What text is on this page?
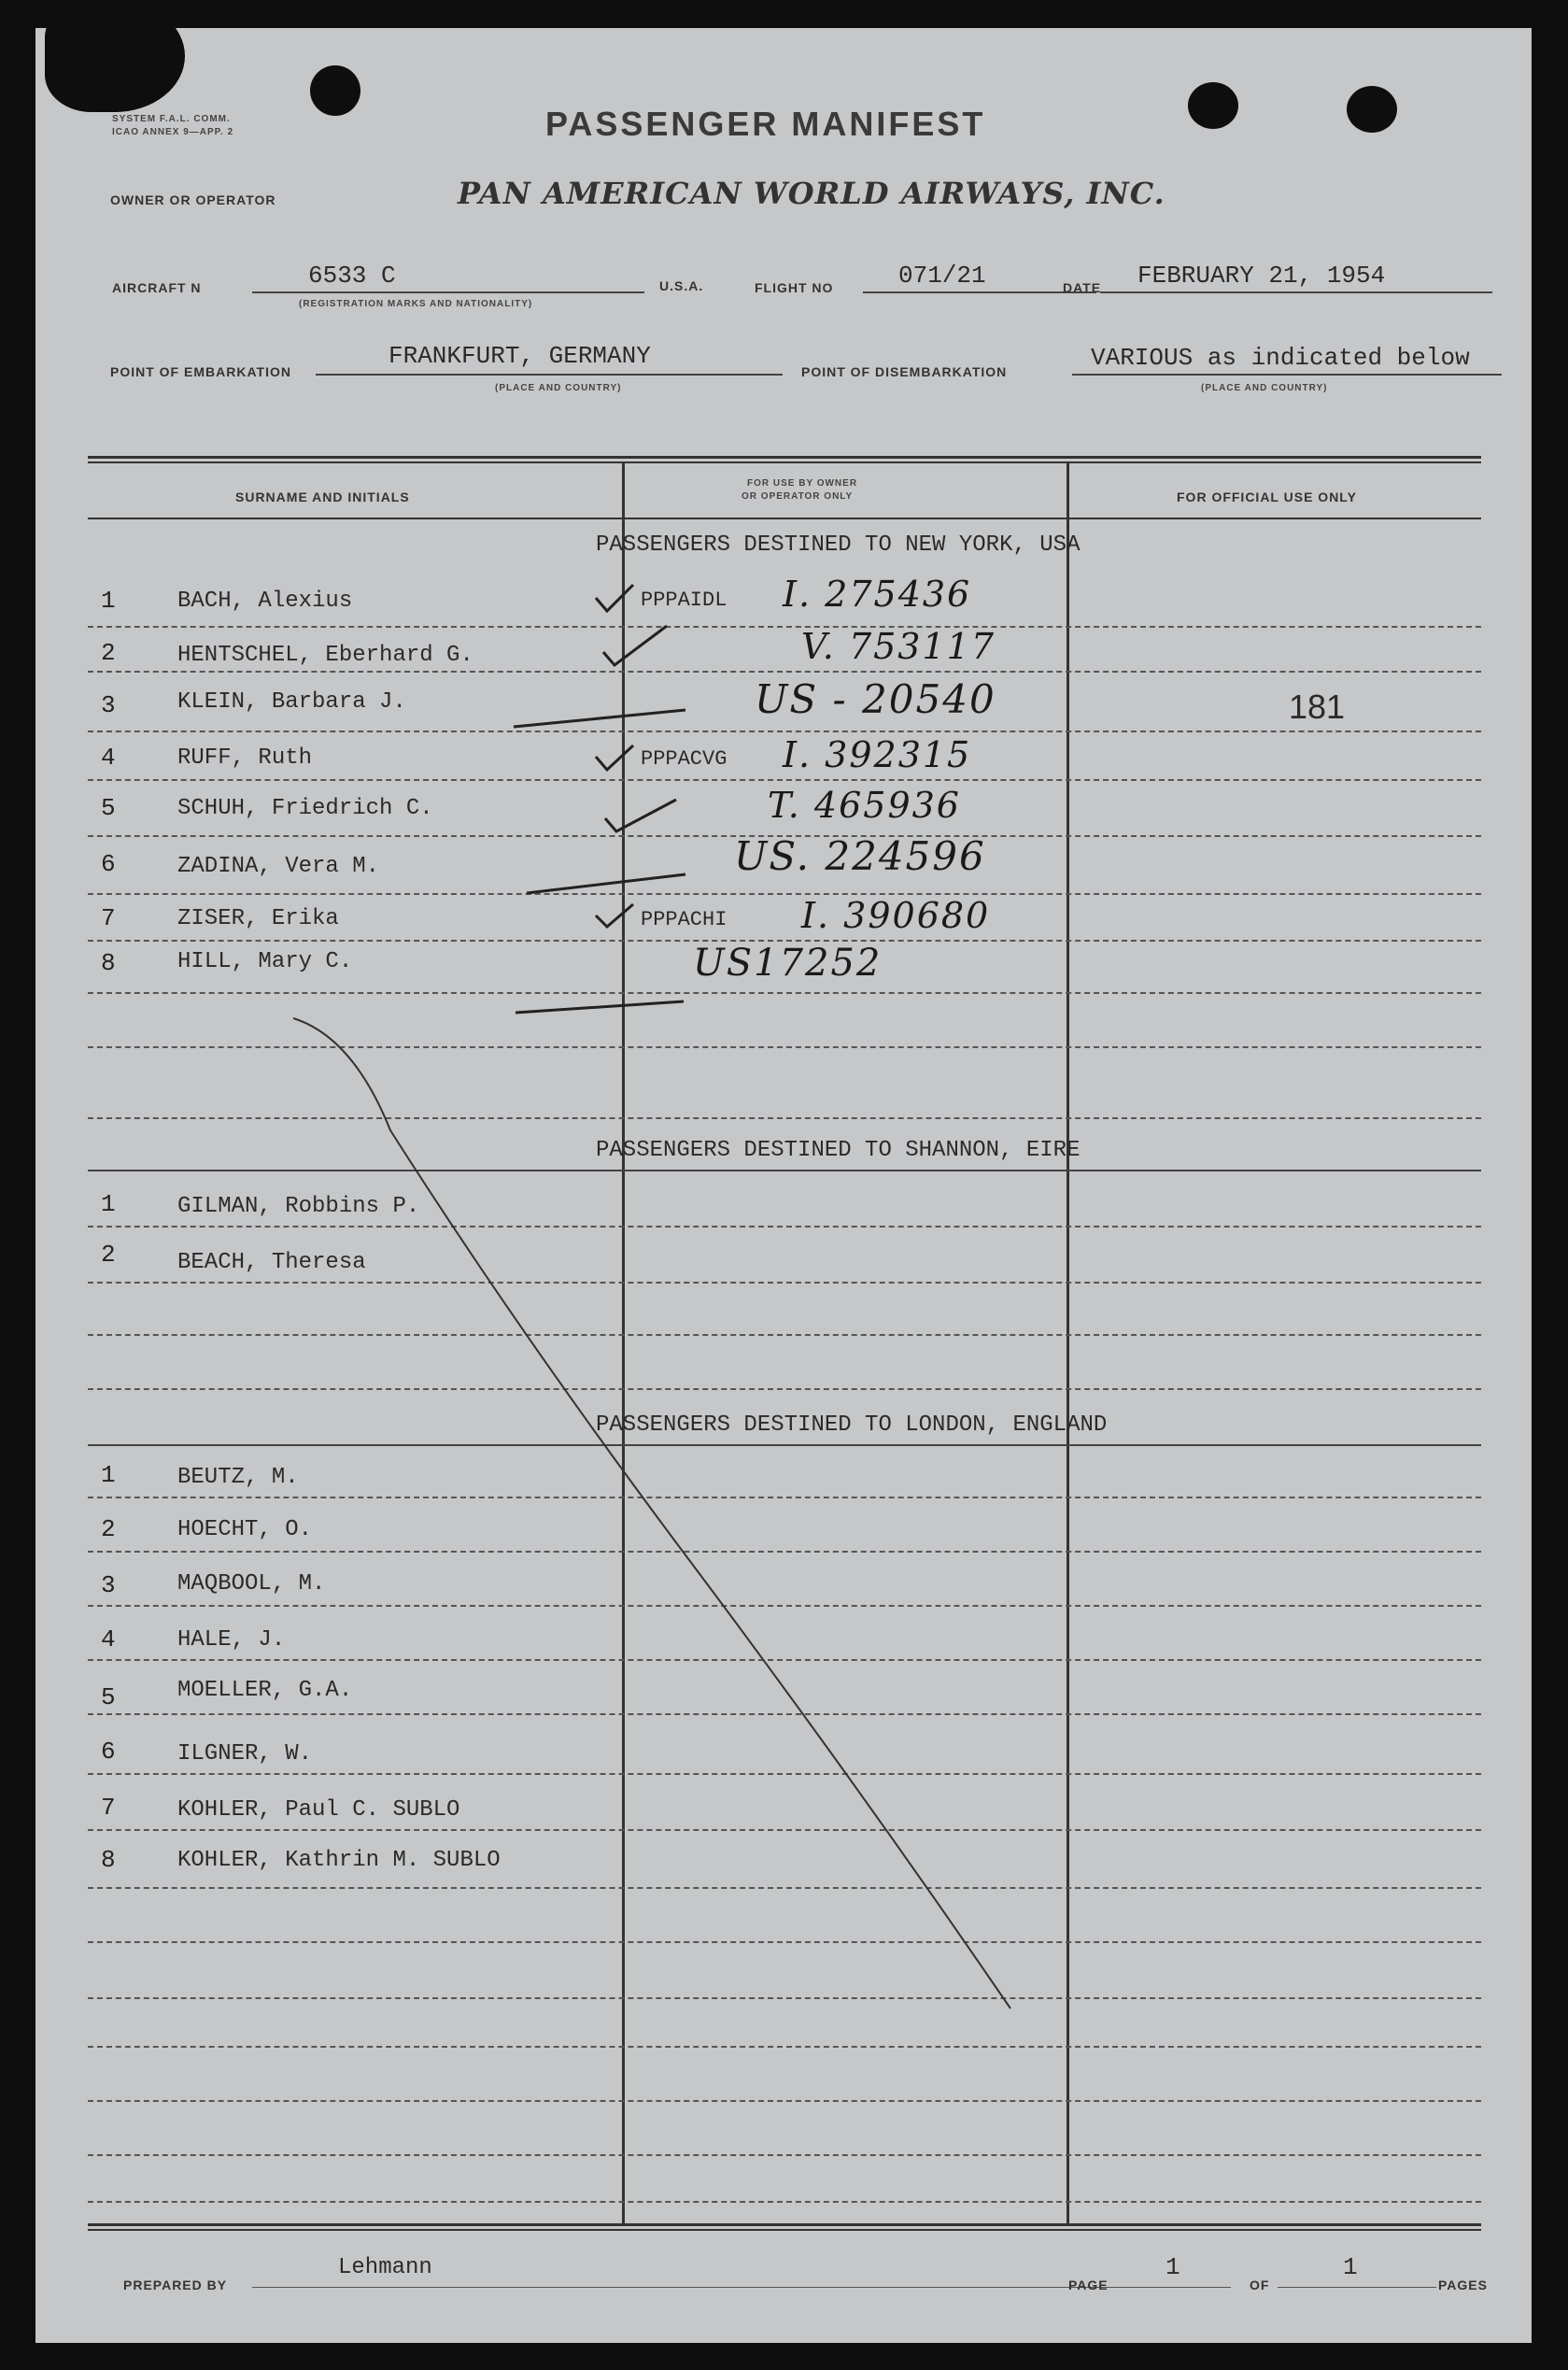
SYSTEM F.A.L. COMM.
ICAO ANNEX 9—APP. 2	PASSENGER MANIFEST
OWNER OR OPERATOR	PAN AMERICAN WORLD AIRWAYS, INC.
AIRCRAFT N	6533 C
(REGISTRATION MARKS AND NATIONALITY)
U.S.A.	FLIGHT NO	071/21	DATE FEBRUARY 21, 1954
POINT OF EMBARKATION
FRANKFURT, GERMANY
(PLACE AND COUNTRY)
POINT OF DISEMBARKATION	VARIOUS as indicated below
(PLACE AND COUNTRY)
SURNAME AND INITIALS
FOR USE BY OWNER
OR OPERATOR ONLY	FOR OFFICIAL USE ONLY
PASSENGERS DESTINED TO NEW YORK, USA
1	BACH, Alexius	PPPAIDL I. 275436
2	HENTSCHEL, Eberhard G.	V. 753117
3	KLEIN, Barbara J.	US - 20540	181
4	RUFF, Ruth	PPPACVG I. 392315
5	SCHUH, Friedrich C.	T. 465936
6	ZADINA, Vera M.	US. 224596
7	ZISER, Erika	PPPACHI I. 390680
8	HILL, Mary C.	US17252
PASSENGERS DESTINED TO SHANNON, EIRE
1	GILMAN, Robbins P.
2	BEACH, Theresa
PASSENGERS DESTINED TO LONDON, ENGLAND
1	BEUTZ, M.
2	HOECHT, O.
3	MAQBOOL, M.
4	HALE, J.
5	MOELLER, G.A.
6	ILGNER, W.
7	KOHLER, Paul C. SUBLO
8	KOHLER, Kathrin M. SUBLO
PREPARED BY
Lehmann
PAGE
1
OF
1
PAGES
